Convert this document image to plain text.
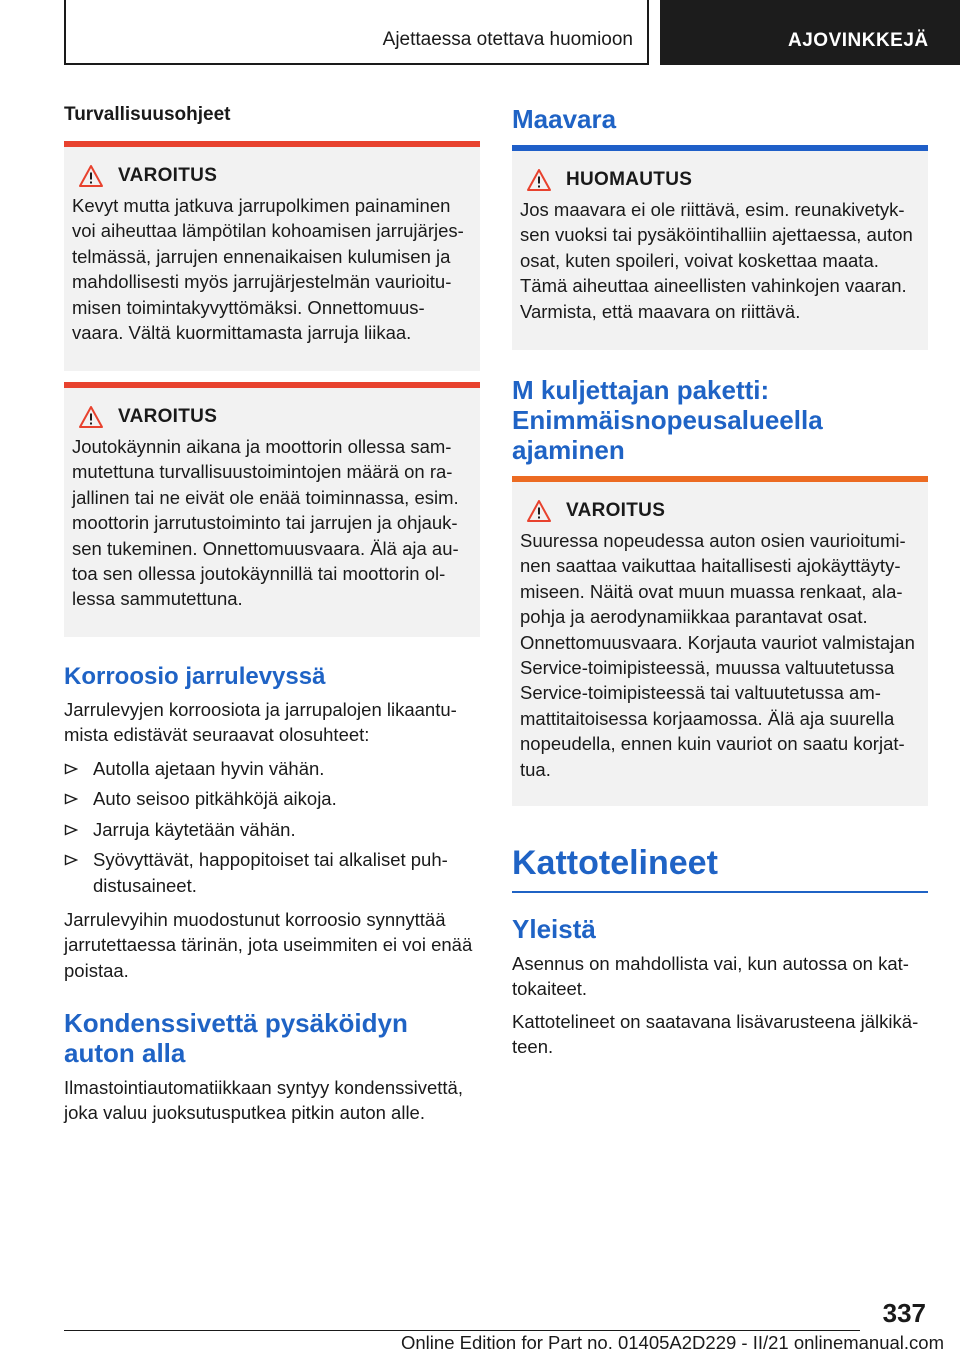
Ajettaessa otettava huomioon	AJOVINKKEJÄ
Turvallisuusohjeet
VAROITUS
Kevyt mutta jatkuva jarrupolkimen painaminen
voi aiheuttaa lämpötilan kohoamisen jarrujärjes-
telmässä, jarrujen ennenaikaisen kulumisen ja
mahdollisesti myös jarrujärjestelmän vaurioitu-
misen toimintakyvyttömäksi. Onnettomuus-
vaara. Vältä kuormittamasta jarruja liikaa.
VAROITUS
Joutokäynnin aikana ja moottorin ollessa sam-
mutettuna turvallisuustoimintojen määrä on ra-
jallinen tai ne eivät ole enää toiminnassa, esim.
moottorin jarrutustoiminto tai jarrujen ja ohjauk-
sen tukeminen. Onnettomuusvaara. Älä aja au-
toa sen ollessa joutokäynnillä tai moottorin ol-
lessa sammutettuna.
Korroosio jarrulevyssä
Jarrulevyjen korroosiota ja jarrupalojen likaantu-
mista edistävät seuraavat olosuhteet:
Autolla ajetaan hyvin vähän.
Auto seisoo pitkähköjä aikoja.
Jarruja käytetään vähän.
Syövyttävät, happopitoiset tai alkaliset puh-
distusaineet.
Jarrulevyihin muodostunut korroosio synnyttää
jarrutettaessa tärinän, jota useimmiten ei voi enää
poistaa.
Kondenssivettä pysäköidyn
auton alla
Ilmastointiautomatiikkaan syntyy kondenssivettä,
joka valuu juoksutusputkea pitkin auton alle.
Maavara
HUOMAUTUS
Jos maavara ei ole riittävä, esim. reunakivetyk-
sen vuoksi tai pysäköintihalliin ajettaessa, auton
osat, kuten spoileri, voivat koskettaa maata.
Tämä aiheuttaa aineellisten vahinkojen vaaran.
Varmista, että maavara on riittävä.
M kuljettajan paketti:
Enimmäisnopeusalueella
ajaminen
VAROITUS
Suuressa nopeudessa auton osien vaurioitumi-
nen saattaa vaikuttaa haitallisesti ajokäyttäyty-
miseen. Näitä ovat muun muassa renkaat, ala-
pohja ja aerodynamiikkaa parantavat osat.
Onnettomuusvaara. Korjauta vauriot valmistajan
Service-toimipisteessä, muussa valtuutetussa
Service-toimipisteessä tai valtuutetussa am-
mattitaitoisessa korjaamossa. Älä aja suurella
nopeudella, ennen kuin vauriot on saatu korjat-
tua.
Kattotelineet
Yleistä
Asennus on mahdollista vai, kun autossa on kat-
tokaiteet.
Kattotelineet on saatavana lisävarusteena jälkikä-
teen.
337
Online Edition for Part no. 01405A2D229 - II/21 onlinemanual.com
